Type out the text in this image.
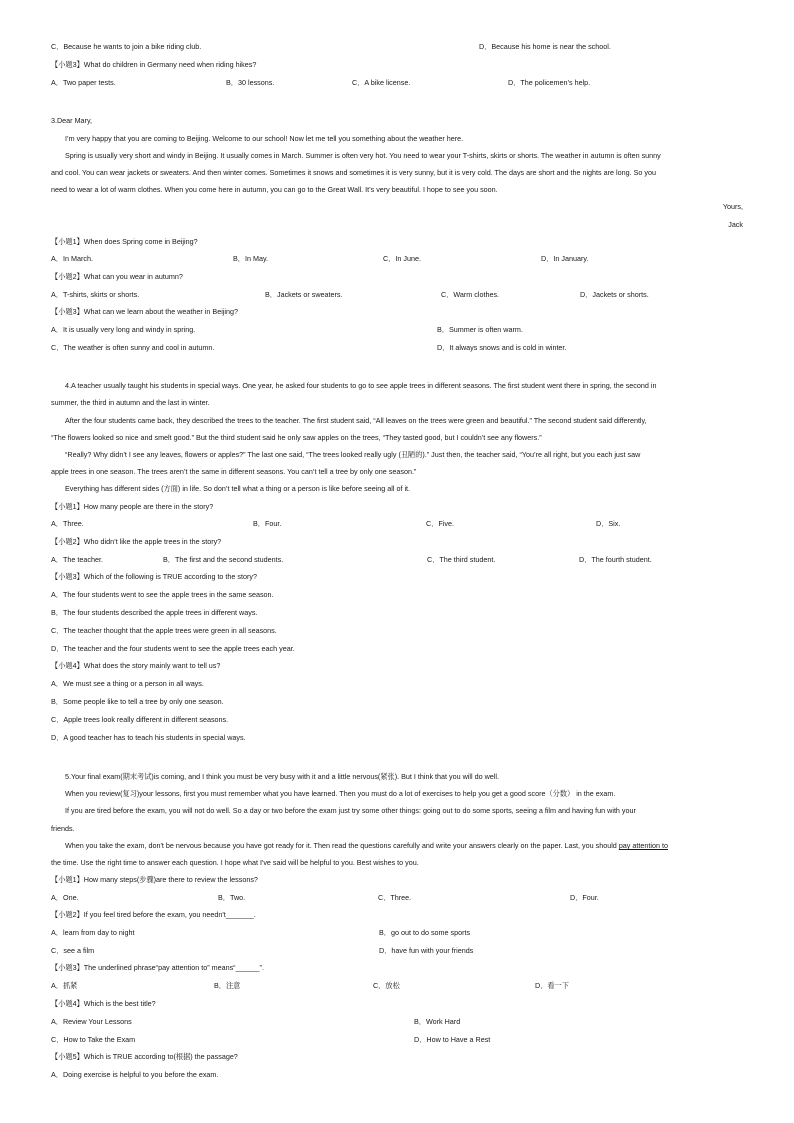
C．Because he wants to join a bike riding club.	D．Because his home is near the school.
【小题3】What do children in Germany need when riding hikes?
A．Two paper tests.	B．30 lessons.	C．A bike license.	D．The policemen’s help.
3.Dear Mary,
I’m very happy that you are coming to Beijing. Welcome to our school! Now let me tell you something about the weather here.
Spring is usually very short and windy in Beijing. It usually comes in March. Summer is often very hot. You need to wear your T-shirts, skirts or shorts. The weather in autumn is often sunny
and cool. You can wear jackets or sweaters. And then winter comes. Sometimes it snows and sometimes it is very sunny, but it is very cold. The days are short and the nights are long. So you
need to wear a lot of warm clothes. When you come here in autumn, you can go to the Great Wall. It’s very beautiful. I hope to see you soon.
Yours,
Jack
【小题1】When does Spring come in Beijing?
A．In March.	B．In May.	C．In June.	D．In January.
【小题2】What can you wear in autumn?
A．T-shirts, skirts or shorts.	B．Jackets or sweaters.	C．Warm clothes.	D．Jackets or shorts.
【小题3】What can we learn about the weather in Beijing?
A．It is usually very long and windy in spring.	B．Summer is often warm.
C．The weather is often sunny and cool in autumn.	D．It always snows and is cold in winter.
4.A teacher usually taught his students in special ways. One year, he asked four students to go to see apple trees in different seasons. The first student went there in spring, the second in
summer, the third in autumn and the last in winter.
After the four students came back, they described the trees to the teacher. The first student said, “All leaves on the trees were green and beautiful.” The second student said differently,
“The flowers looked so nice and smelt good.” But the third student said he only saw apples on the trees, “They tasted good, but I couldn’t see any flowers.”
“Really? Why didn’t I see any leaves, flowers or apples?” The last one said, “The trees looked really ugly (丑陋的).” Just then, the teacher said, “You’re all right, but you each just saw
apple trees in one season. The trees aren’t the same in different seasons. You can’t tell a tree by only one season.”
Everything has different sides (方面) in life. So don’t tell what a thing or a person is like before seeing all of it.
【小题1】How many people are there in the story?
A．Three.	B．Four.	C．Five.	D．Six.
【小题2】Who didn’t like the apple trees in the story?
A．The teacher.	B．The first and the second students.	C．The third student.	D．The fourth student.
【小题3】Which of the following is TRUE according to the story?
A．The four students went to see the apple trees in the same season.
B．The four students described the apple trees in different ways.
C．The teacher thought that the apple trees were green in all seasons.
D．The teacher and the four students went to see the apple trees each year.
【小题4】What does the story mainly want to tell us?
A．We must see a thing or a person in all ways.
B．Some people like to tell a tree by only one season.
C．Apple trees look really different in different seasons.
D．A good teacher has to teach his students in special ways.
5.Your final exam(期末考试)is coming, and I think you must be very busy with it and a little nervous(紧张). But I think that you will do well.
When you review(复习)your lessons, first you must remember what you have learned. Then you must do a lot of exercises to help you get a good score（分数） in the exam.
If you are tired before the exam, you will not do well. So a day or two before the exam just try some other things: going out to do some sports, seeing a film and having fun with your
friends.
When you take the exam, don't be nervous because you have got ready for it. Then read the questions carefully and write your answers clearly on the paper. Last, you should pay attention to
the time. Use the right time to answer each question. I hope what I've said will be helpful to you. Best wishes to you.
【小题1】How many steps(步骤)are there to review the lessons?
A．One.	B．Two.	C．Three.	D．Four.
【小题2】If you feel tired before the exam, you needn't_______.
A．learn from day to night	B．go out to do some sports
C．see a film	D．have fun with your friends
【小题3】The underlined phrase“pay attention to” means“______”.
A．抓紧	B．注意	C．放松	D．看一下
【小题4】Which is the best title?
A．Review Your Lessons	B．Work Hard
C．How to Take the Exam	D．How to Have a Rest
【小题5】Which is TRUE according to(根据) the passage?
A．Doing exercise is helpful to you before the exam.
